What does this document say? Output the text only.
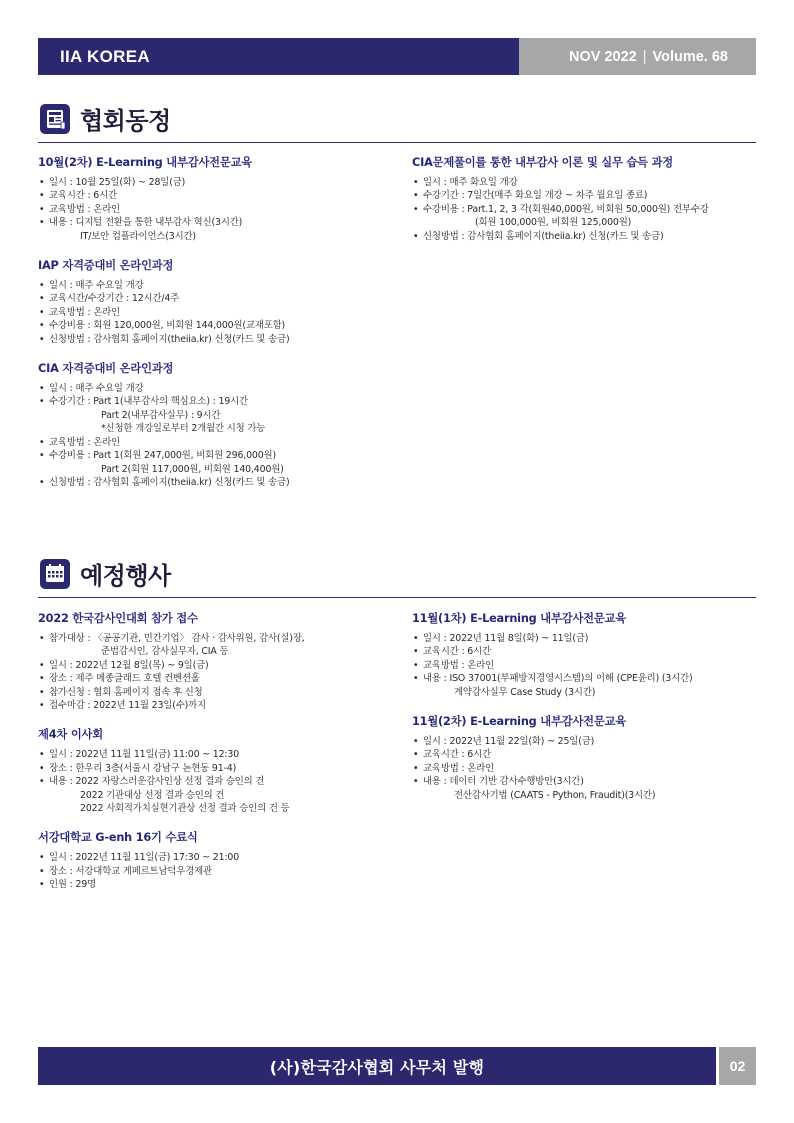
IIA KOREA	NOV 2022 | Volume. 68
협회동정
10월(2차) E-Learning 내부감사전문교육
• 일시 : 10월 25일(화) ~ 28일(금)
• 교육시간 : 6시간
• 교육방법 : 온라인
• 내용 : 디지털 전환을 통한 내부감사 혁신(3시간)
IT/보안 컴플라이언스(3시간)
IAP 자격증대비 온라인과정
• 일시 : 매주 수요일 개강
• 교육시간/수강기간 : 12시간/4주
• 교육방법 : 온라인
• 수강비용 : 회원 120,000원, 비회원 144,000원(교재포함)
• 신청방법 : 감사협회 홈페이지(theiia.kr) 신청(카드 및 송금)
CIA 자격증대비 온라인과정
• 일시 : 매주 수요일 개강
• 수강기간 : Part 1(내부감사의 핵심요소) : 19시간
Part 2(내부감사실무) : 9시간
*신청한 개강일로부터 2개월간 시청 가능
• 교육방법 : 온라인
• 수강비용 : Part 1(회원 247,000원, 비회원 296,000원)
Part 2(회원 117,000원, 비회원 140,400원)
• 신청방법 : 감사협회 홈페이지(theiia.kr) 신청(카드 및 송금)
CIA문제풀이를 통한 내부감사 이론 및 실무 습득 과정
• 일시 : 매주 화요일 개강
• 수강기간 : 7일간(매주 화요일 개강 ~ 차주 월요일 종료)
• 수강비용 : Part.1, 2, 3 각(회원40,000원, 비회원 50,000원) 전부수강
(회원 100,000원, 비회원 125,000원)
• 신청방법 : 감사협회 홈페이지(theiia.kr) 신청(카드 및 송금)
예정행사
2022 한국감사인대회 참가 접수
• 참가대상 : 〈공공기관, 민간기업〉 감사 · 감사위원, 감사(실)장,
준법감시인, 감사실무자, CIA 등
• 일시 : 2022년 12월 8일(목) ~ 9일(금)
• 장소 : 제주 메종글래드 호텔 컨벤션홀
• 참가신청 : 협회 홈페이지 접속 후 신청
• 접수마감 : 2022년 11월 23일(수)까지
제4차 이사회
• 일시 : 2022년 11월 11일(금) 11:00 ~ 12:30
• 장소 : 한우리 3층(서울시 강남구 논현동 91-4)
• 내용 : 2022 자랑스러운감사인상 선정 결과 승인의 건
2022 기관대상 선정 결과 승인의 건
2022 사회적가치실현기관상 선정 결과 승인의 건 등
서강대학교 G-enh 16기 수료식
• 일시 : 2022년 11월 11일(금) 17:30 ~ 21:00
• 장소 : 서강대학교 게페르트남덕우경제관
• 인원 : 29명
11월(1차) E-Learning 내부감사전문교육
• 일시 : 2022년 11월 8일(화) ~ 11일(금)
• 교육시간 : 6시간
• 교육방법 : 온라인
• 내용 : ISO 37001(부패방지경영시스템)의 이해 (CPE윤리) (3시간)
계약감사실무 Case Study (3시간)
11월(2차) E-Learning 내부감사전문교육
• 일시 : 2022년 11월 22일(화) ~ 25일(금)
• 교육시간 : 6시간
• 교육방법 : 온라인
• 내용 : 데이터 기반 감사수행방안(3시간)
전산감사기법 (CAATS - Python, Fraudit)(3시간)
(사)한국감사협회 사무처 발행	02
